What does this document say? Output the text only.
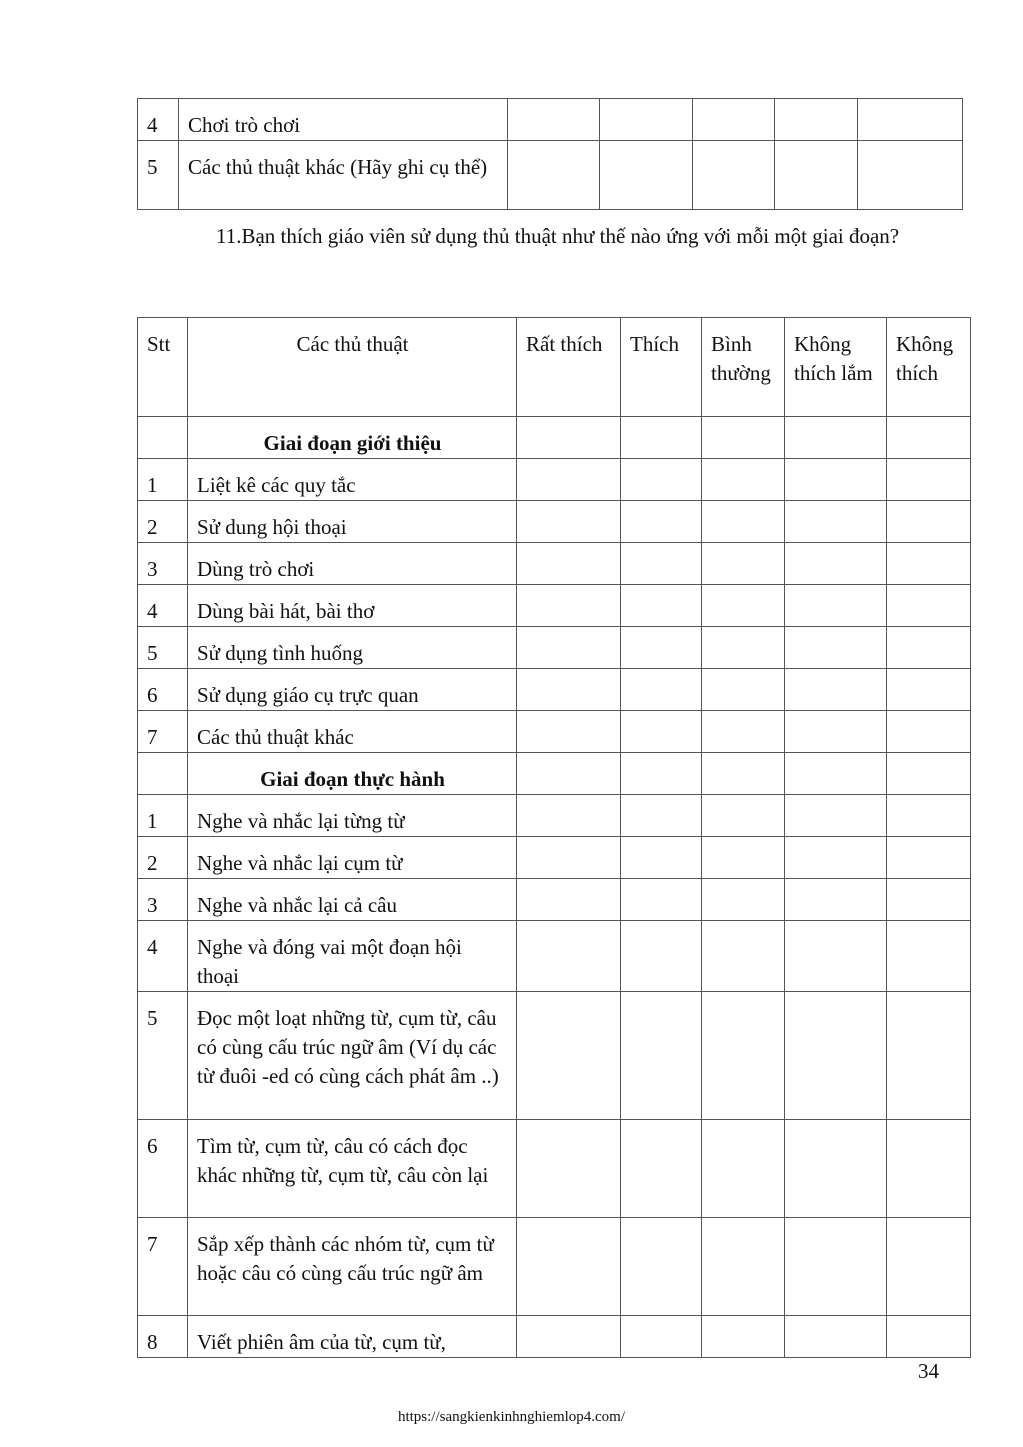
4	Chơi trò chơi					

5	Các thủ thuật khác (Hãy ghi cụ thể)					

11.Bạn thích giáo viên sử dụng thủ thuật như thế nào ứng với mỗi một giai đoạn?
Stt	Các thủ thuật	Rất thích	Thích	Bình thường	Không thích lắm	Không thích

	Giai đoạn giới thiệu					

1	Liệt kê các quy tắc					

2	Sử dung hội thoại					

3	Dùng trò chơi					

4	Dùng bài hát, bài thơ					

5	Sử dụng tình huống					

6	Sử dụng giáo cụ trực quan					

7	Các thủ thuật khác					

	Giai đoạn thực hành					

1	Nghe và nhắc lại từng từ					

2	Nghe và nhắc lại cụm từ					

3	Nghe và nhắc lại cả câu					

4	Nghe và đóng vai một đoạn hội thoại					

5	Đọc một loạt những từ, cụm từ, câu có cùng cấu trúc ngữ âm (Ví dụ các từ đuôi -ed có cùng cách phát âm ..)					

6	Tìm từ, cụm từ, câu có cách đọc khác những từ, cụm từ, câu còn lại					

7	Sắp xếp thành các nhóm từ, cụm từ hoặc câu có cùng cấu trúc ngữ âm					

8	Viết phiên âm của từ, cụm từ,					

34
https://sangkienkinhnghiemlop4.com/
